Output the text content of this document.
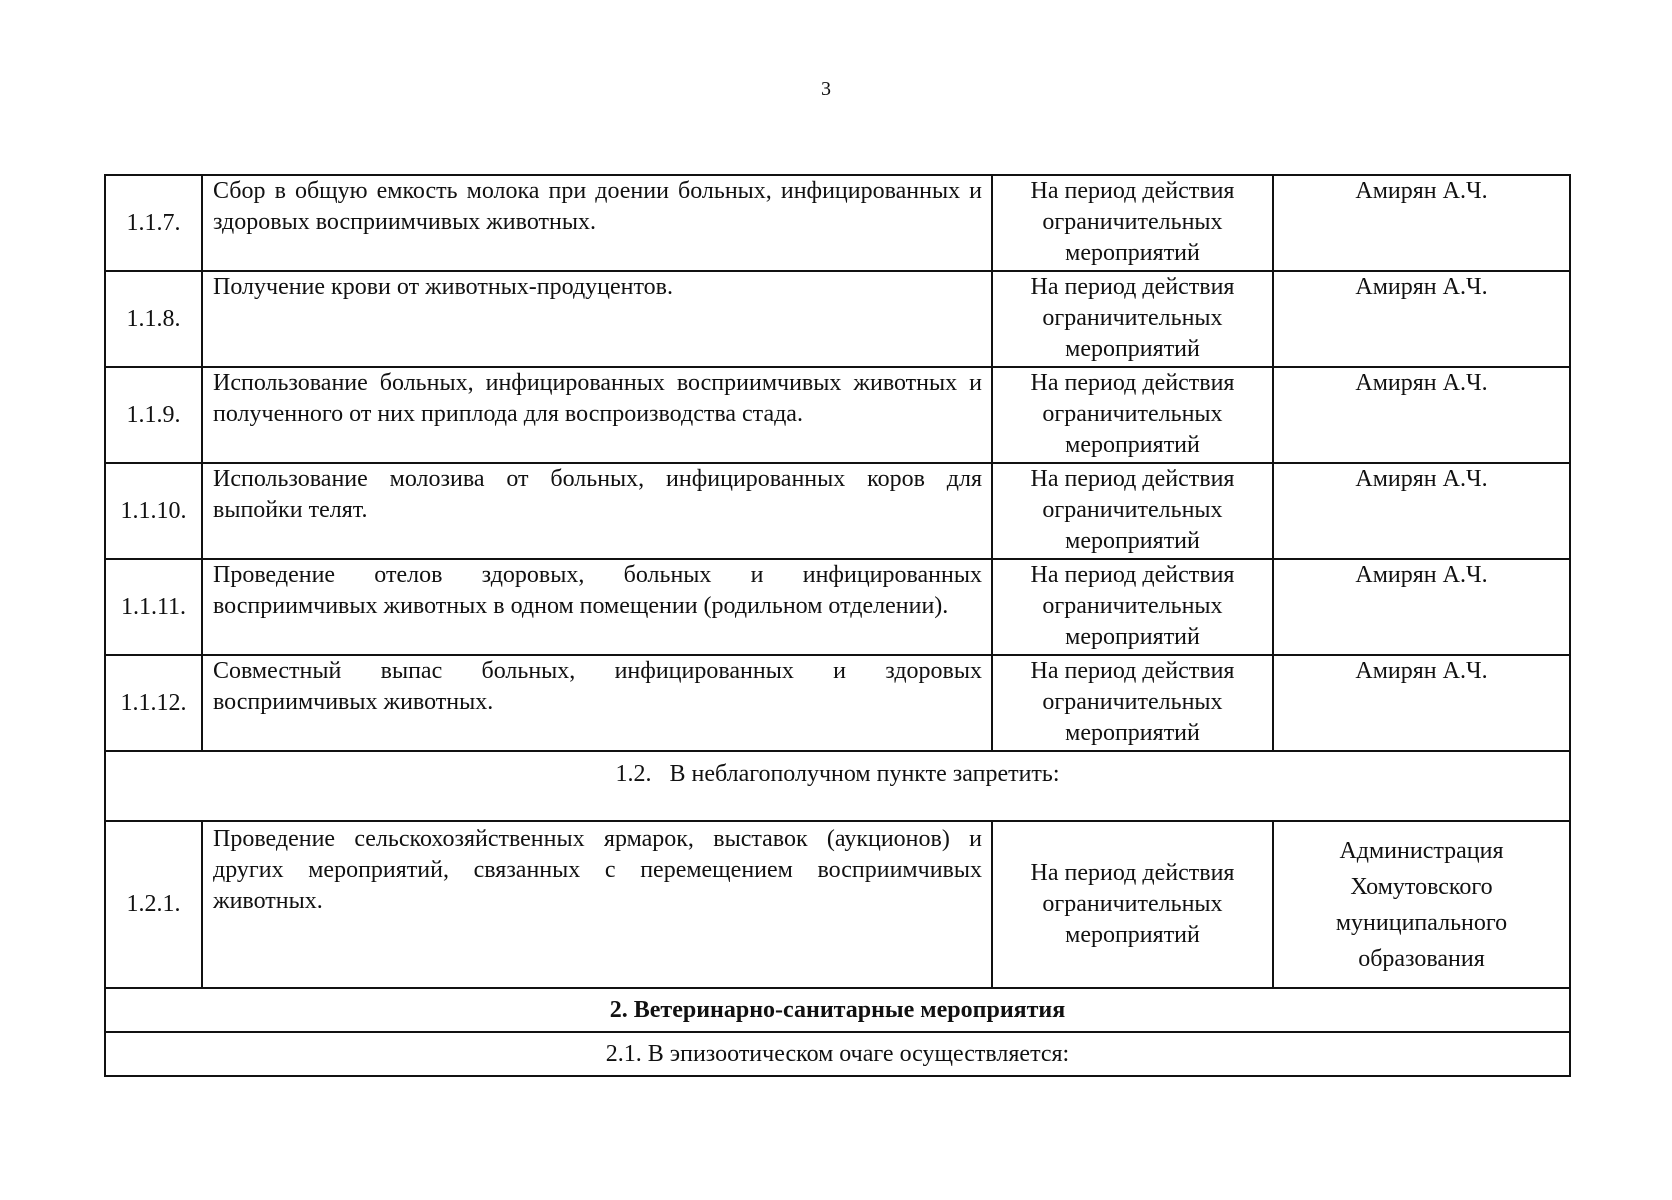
3
1.1.7.	Сбор в общую емкость молока при доении больных, инфицированных и здоровых восприимчивых животных.	На период действия
ограничительных
мероприятий	Амирян А.Ч.
1.1.8.	Получение крови от животных-продуцентов.	На период действия
ограничительных
мероприятий	Амирян А.Ч.
1.1.9.	Использование больных, инфицированных восприимчивых животных и полученного от них приплода для воспроизводства стада.	На период действия
ограничительных
мероприятий	Амирян А.Ч.
1.1.10.	Использование молозива от больных, инфицированных коров для выпойки телят.	На период действия
ограничительных
мероприятий	Амирян А.Ч.
1.1.11.	Проведение отелов здоровых, больных и инфицированных восприимчивых животных в одном помещении (родильном отделении).	На период действия
ограничительных
мероприятий	Амирян А.Ч.
1.1.12.	Совместный выпас больных, инфицированных и здоровых восприимчивых животных.	На период действия
ограничительных
мероприятий	Амирян А.Ч.
1.2.   В неблагополучном пункте запретить:			
1.2.1.	Проведение сельскохозяйственных ярмарок, выставок (аукционов) и других мероприятий, связанных с перемещением восприимчивых животных.	На период действия
ограничительных
мероприятий	Администрация
Хомутовского
муниципального
образования

2. Ветеринарно-санитарные мероприятия			
2.1. В эпизоотическом очаге осуществляется:			
